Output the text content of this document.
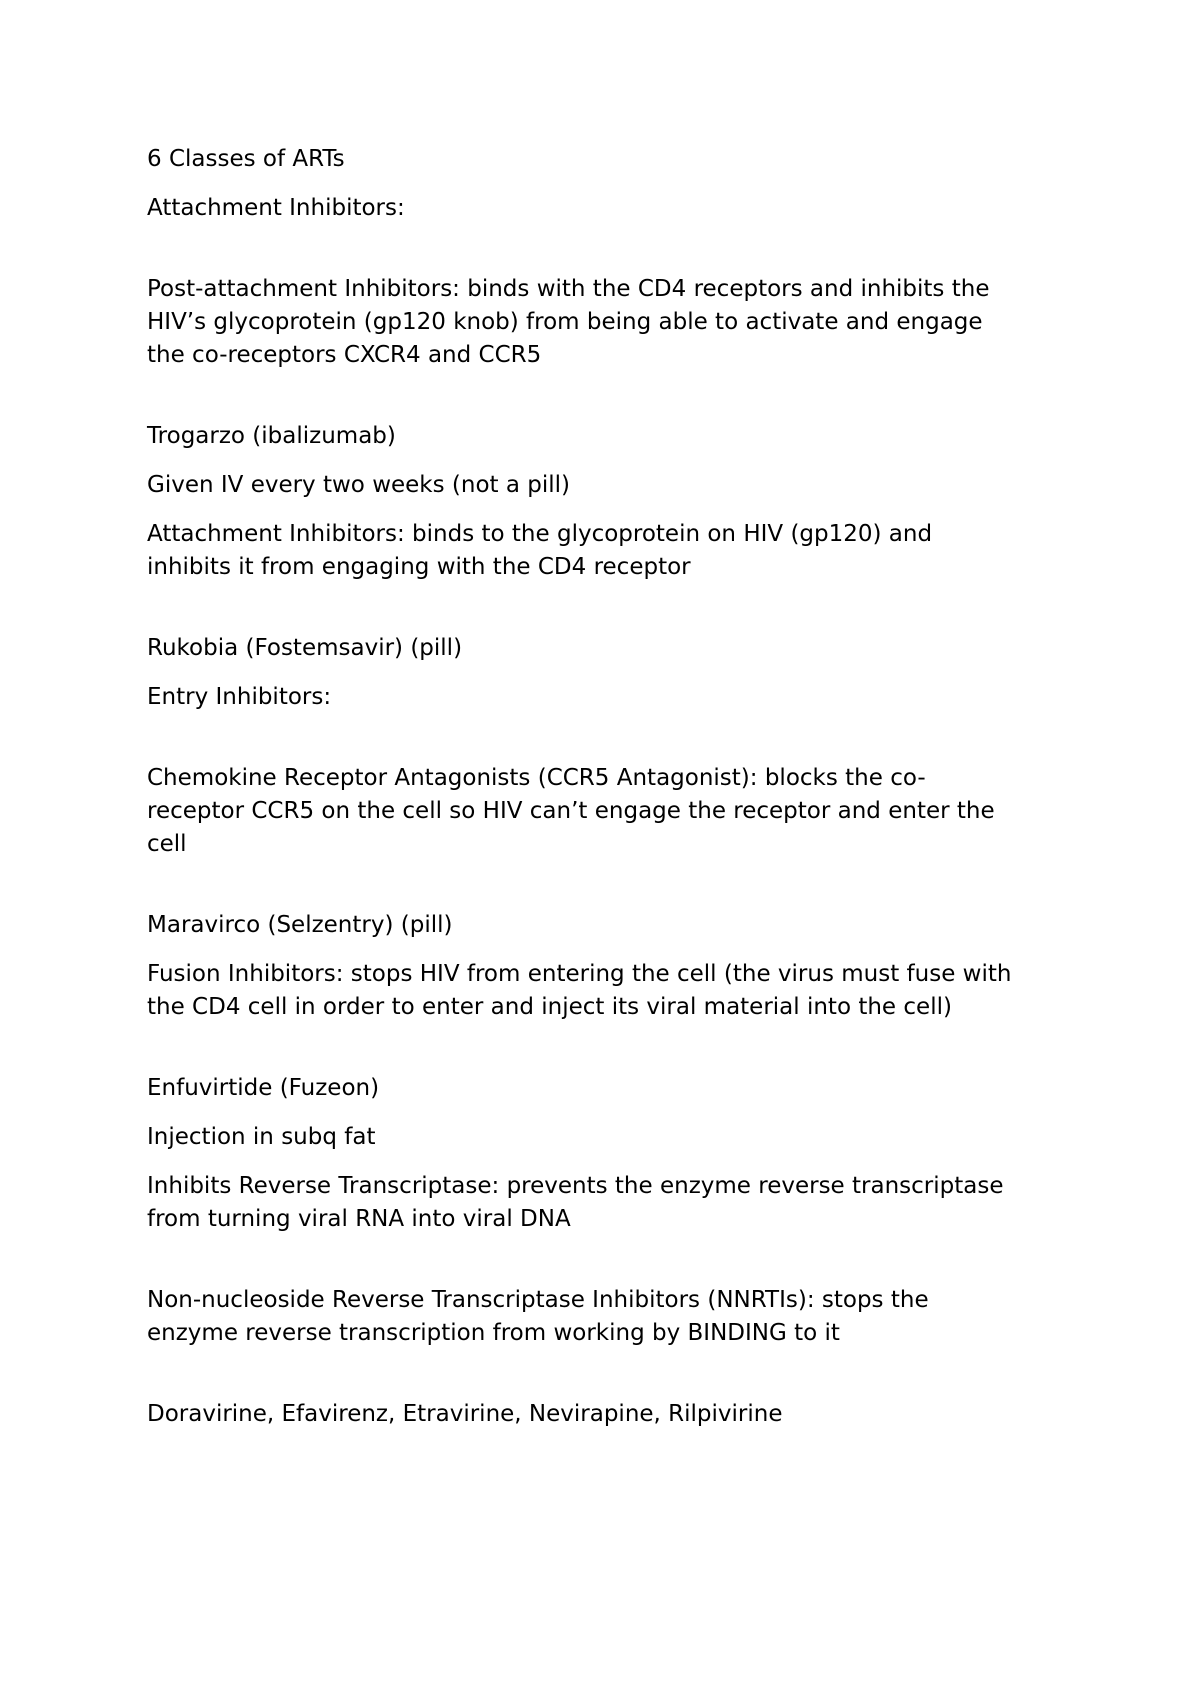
6 Classes of ARTs

Attachment Inhibitors:

Post-attachment Inhibitors: binds with the CD4 receptors and inhibits the

HIV’s glycoprotein (gp120 knob) from being able to activate and engage

the co-receptors CXCR4 and CCR5

Trogarzo (ibalizumab)

Given IV every two weeks (not a pill)

Attachment Inhibitors: binds to the glycoprotein on HIV (gp120) and

inhibits it from engaging with the CD4 receptor

Rukobia (Fostemsavir) (pill)

Entry Inhibitors:

Chemokine Receptor Antagonists (CCR5 Antagonist): blocks the co-

receptor CCR5 on the cell so HIV can’t engage the receptor and enter the

cell

Maravirco (Selzentry) (pill)

Fusion Inhibitors: stops HIV from entering the cell (the virus must fuse with

the CD4 cell in order to enter and inject its viral material into the cell)

Enfuvirtide (Fuzeon)

Injection in subq fat

Inhibits Reverse Transcriptase: prevents the enzyme reverse transcriptase

from turning viral RNA into viral DNA

Non-nucleoside Reverse Transcriptase Inhibitors (NNRTIs): stops the

enzyme reverse transcription from working by BINDING to it

Doravirine, Efavirenz, Etravirine, Nevirapine, Rilpivirine
